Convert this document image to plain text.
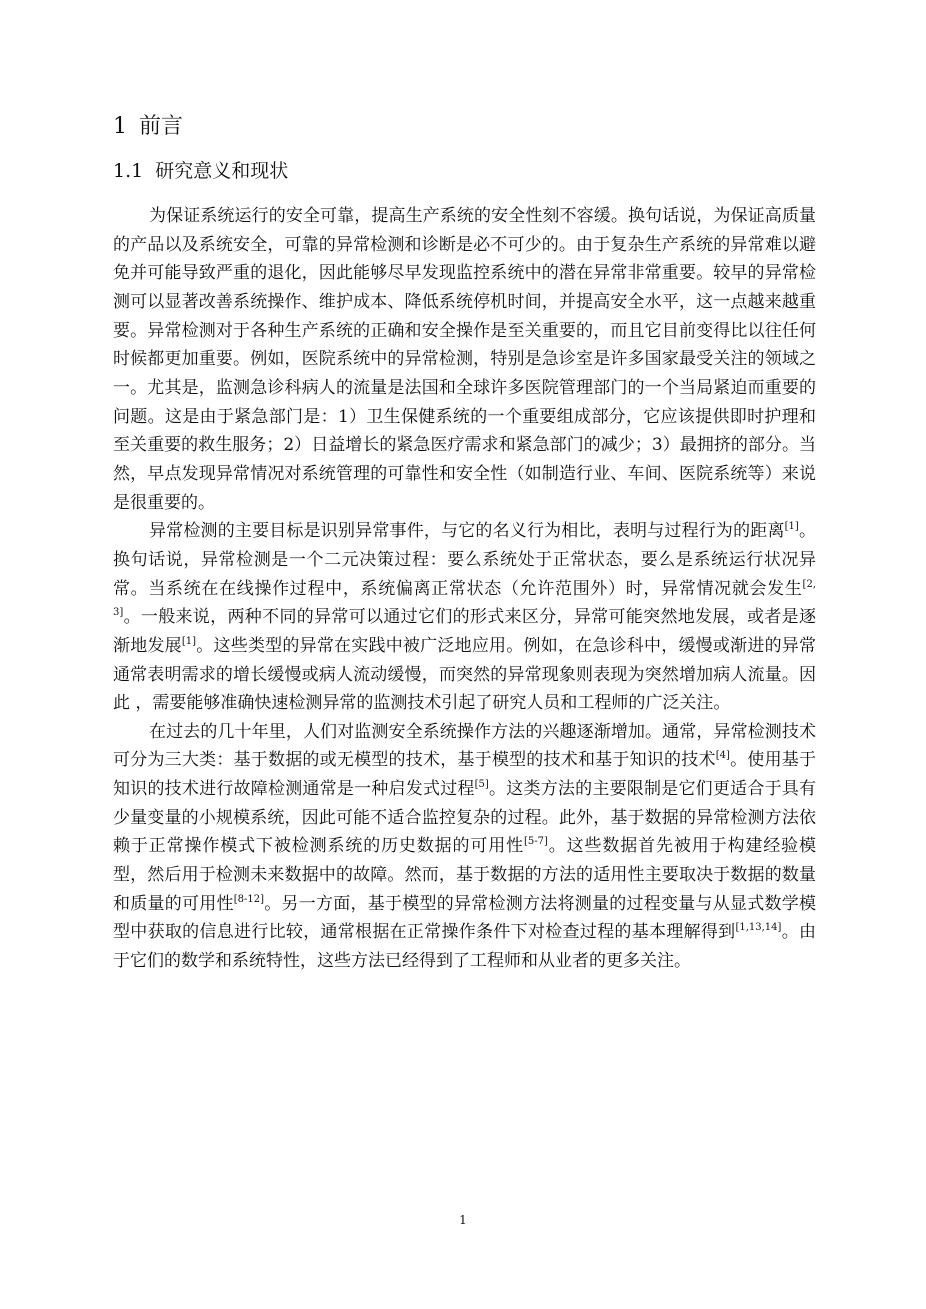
1 前言
1.1 研究意义和现状

为保证系统运行的安全可靠，提高生产系统的安全性刻不容缓。换句话说，为保证高质量的产品以及系统安全，可靠的异常检测和诊断是必不可少的。由于复杂生产系统的异常难以避免并可能导致严重的退化，因此能够尽早发现监控系统中的潜在异常非常重要。较早的异常检测可以显著改善系统操作、维护成本、降低系统停机时间，并提高安全水平，这一点越来越重要。异常检测对于各种生产系统的正确和安全操作是至关重要的，而且它目前变得比以往任何时候都更加重要。例如，医院系统中的异常检测，特别是急诊室是许多国家最受关注的领域之一。尤其是，监测急诊科病人的流量是法国和全球许多医院管理部门的一个当局紧迫而重要的问题。这是由于紧急部门是：1）卫生保健系统的一个重要组成部分，它应该提供即时护理和至关重要的救生服务；2）日益增长的紧急医疗需求和紧急部门的减少；3）最拥挤的部分。当然，早点发现异常情况对系统管理的可靠性和安全性（如制造行业、车间、医院系统等）来说是很重要的。

异常检测的主要目标是识别异常事件，与它的名义行为相比，表明与过程行为的距离[1]。换句话说，异常检测是一个二元决策过程：要么系统处于正常状态，要么是系统运行状况异常。当系统在在线操作过程中，系统偏离正常状态（允许范围外）时，异常情况就会发生[2,3]。一般来说，两种不同的异常可以通过它们的形式来区分，异常可能突然地发展，或者是逐渐地发展[1]。这些类型的异常在实践中被广泛地应用。例如，在急诊科中，缓慢或渐进的异常通常表明需求的增长缓慢或病人流动缓慢，而突然的异常现象则表现为突然增加病人流量。因此 ，需要能够准确快速检测异常的监测技术引起了研究人员和工程师的广泛关注。

在过去的几十年里，人们对监测安全系统操作方法的兴趣逐渐增加。通常，异常检测技术可分为三大类：基于数据的或无模型的技术，基于模型的技术和基于知识的技术[4]。使用基于知识的技术进行故障检测通常是一种启发式过程[5]。这类方法的主要限制是它们更适合于具有少量变量的小规模系统，因此可能不适合监控复杂的过程。此外，基于数据的异常检测方法依赖于正常操作模式下被检测系统的历史数据的可用性[5-7]。这些数据首先被用于构建经验模型，然后用于检测未来数据中的故障。然而，基于数据的方法的适用性主要取决于数据的数量和质量的可用性[8-12]。另一方面，基于模型的异常检测方法将测量的过程变量与从显式数学模型中获取的信息进行比较，通常根据在正常操作条件下对检查过程的基本理解得到[1,13,14]。由于它们的数学和系统特性，这些方法已经得到了工程师和从业者的更多关注。

1
